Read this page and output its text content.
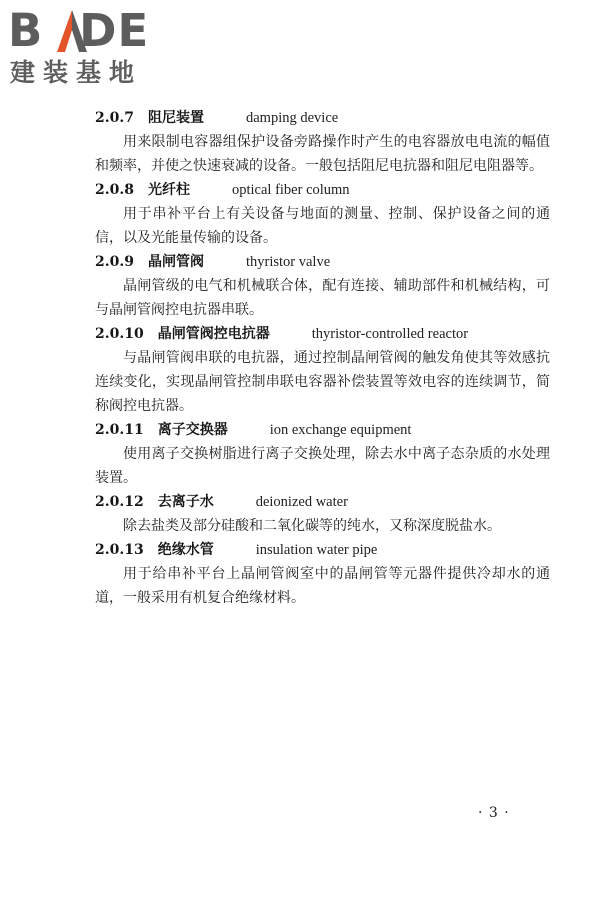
B DE
建装基地
2.0.7 阻尼装置	damping device

用来限制电容器组保护设备旁路操作时产生的电容器放电电流的幅值和频率，并使之快速衰减的设备。一般包括阻尼电抗器和阻尼电阻器等。

2.0.8 光纤柱	optical fiber column

用于串补平台上有关设备与地面的测量、控制、保护设备之间的通信，以及光能量传输的设备。

2.0.9 晶闸管阀	thyristor valve

晶闸管级的电气和机械联合体，配有连接、辅助部件和机械结构，可与晶闸管阀控电抗器串联。

2.0.10 晶闸管阀控电抗器	thyristor-controlled reactor

与晶闸管阀串联的电抗器，通过控制晶闸管阀的触发角使其等效感抗连续变化，实现晶闸管控制串联电容器补偿装置等效电容的连续调节，简称阀控电抗器。

2.0.11 离子交换器	ion exchange equipment

使用离子交换树脂进行离子交换处理，除去水中离子态杂质的水处理装置。

2.0.12 去离子水	deionized water

除去盐类及部分硅酸和二氧化碳等的纯水，又称深度脱盐水。

2.0.13 绝缘水管	insulation water pipe

用于给串补平台上晶闸管阀室中的晶闸管等元器件提供冷却水的通道，一般采用有机复合绝缘材料。

· 3 ·
